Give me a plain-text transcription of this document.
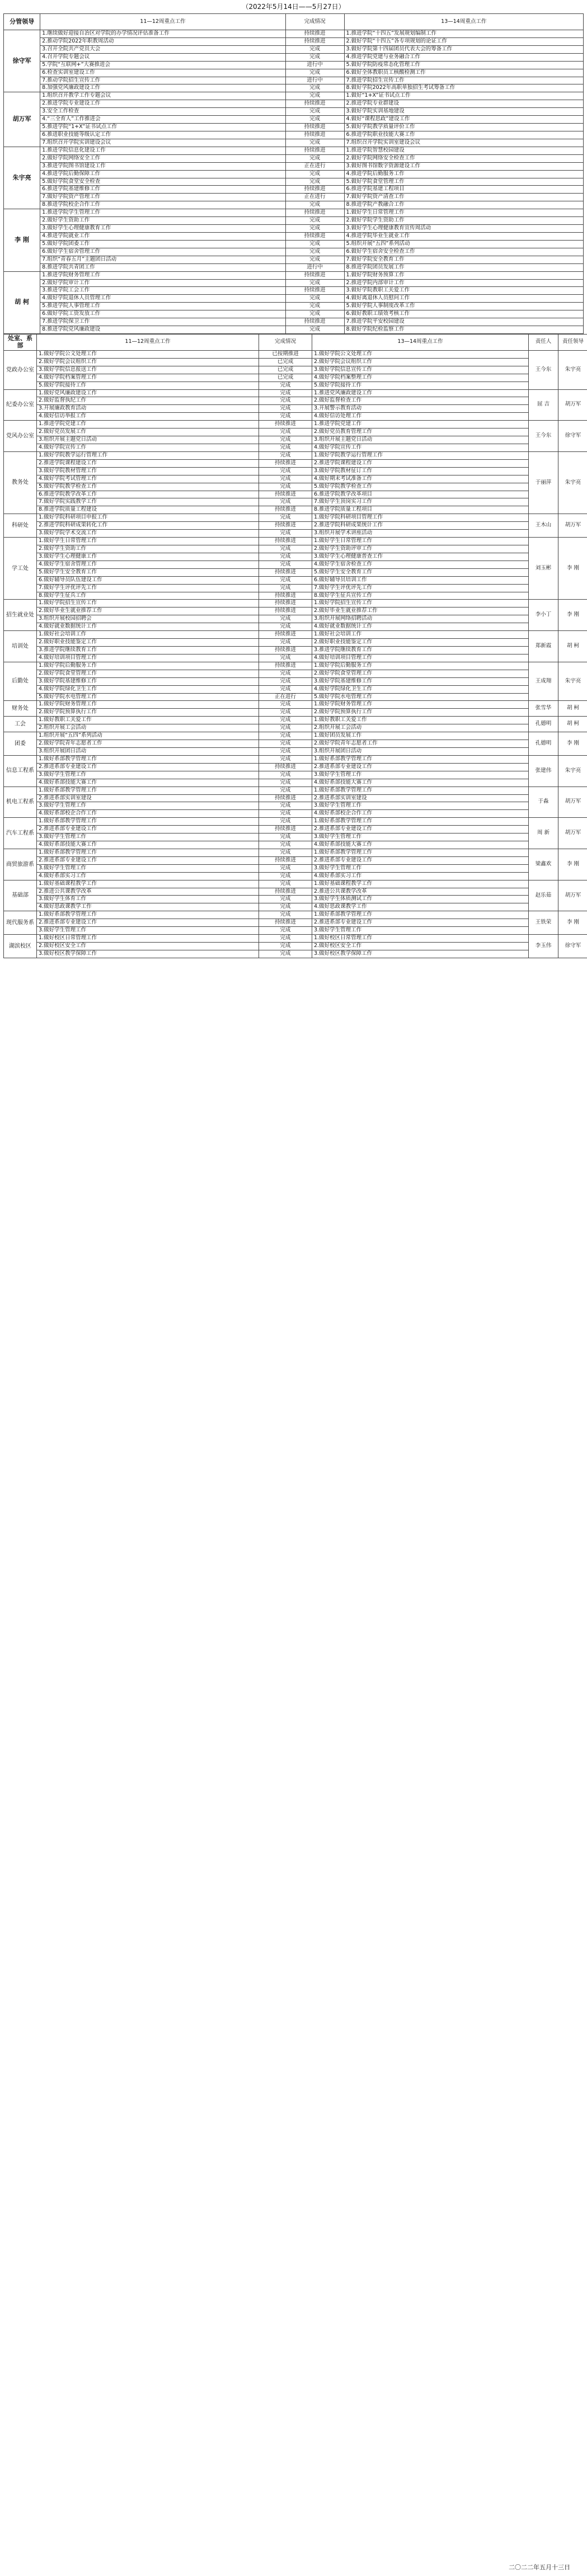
（2022年5月14日——5月27日）
分管领导	11—12周重点工作	完成情况	13—14周重点工作
徐守军	1.继续做好迎接自治区对学院的办学情况评估准备工作	持续推进	1.推进学院“十四五”发展规划编制工作
	2.推动学院2022年职教周活动	持续推进	2.做好学院“十四五”各专项规划的论证工作
	3.召开全院共产党员大会	完成	3.做好学院第十四届团员代表大会的筹备工作
	4.召开学院专题会议	完成	4.推进学院党建与业务融合工作
	5.学院“互联网+”大赛推进会	进行中	5.做好学院防疫常态化管理工作
	6.检查实训室建设工作	完成	6.做好全体教职员工核酸检测工作
	7.推动学院招生宣传工作	进行中	7.推进学院招生宣传工作
	8.加强党风廉政建设工作	完成	8.做好学院2022年高职单独招生考试筹备工作
胡万军	1.组织召开教学工作专题会议	完成	1.做好“1+X”证书试点工作
	2.推进学院专业建设工作	持续推进	2.推进学院专业群建设
	3.安全工作检查	完成	3.做好学院实训基地建设
	4.“三全育人”工作推进会	完成	4.做好“课程思政”建设工作
	5.推进学院“1+X”证书试点工作	持续推进	5.做好学院教学质量评价工作
	6.推进职业技能等级认定工作	持续推进	6.推进学院职业技能大赛工作
	7.组织召开学院实训建设会议	完成	7.组织召开学院实训室建设会议
朱宇亮	1.推进学院信息化建设工作	持续推进	1.推进学院智慧校园建设
	2.做好学院网络安全工作	完成	2.做好学院网络安全检查工作
	3.推进学院图书馆建设工作	正在进行	3.做好图书馆数字资源建设工作
	4.推进学院后勤保障工作	完成	4.推进学院后勤服务工作
	5.做好学院食堂安全检查	完成	5.做好学院食堂管理工作
	6.推进学院基建维修工作	持续推进	6.推进学院基建工程项目
	7.做好学院资产管理工作	正在进行	7.做好学院资产清查工作
	8.推进学院校企合作工作	完成	8.推进学院产教融合工作
李 刚	1.推进学院学生管理工作	持续推进	1.做好学生日常管理工作
	2.做好学生资助工作	完成	2.做好学院学生资助工作
	3.做好学生心理健康教育工作	完成	3.做好学生心理健康教育宣传周活动
	4.推进学院就业工作	持续推进	4.推进学院毕业生就业工作
	5.做好学院团委工作	完成	5.组织开展“五四”系列活动
	6.做好学生宿舍管理工作	完成	6.做好学生宿舍安全检查工作
	7.组织“青春五月”主题团日活动	完成	7.做好学院安全教育工作
	8.推进学院共青团工作	进行中	8.推进学院团员发展工作
胡 柯	1.推进学院财务管理工作	持续推进	1.做好学院财务预算工作
	2.做好学院审计工作	完成	2.推进学院内部审计工作
	3.推进学院工会工作	持续推进	3.做好学院教职工关爱工作
	4.做好学院退休人员管理工作	完成	4.做好离退休人员慰问工作
	5.推进学院人事管理工作	完成	5.做好学院人事制度改革工作
	6.做好学院工资发放工作	完成	6.做好教职工绩效考核工作
	7.推进学院保卫工作	持续推进	7.推进学院平安校园建设
	8.推进学院党风廉政建设	完成	8.做好学院纪检监察工作
处室、系部	11—12周重点工作	完成情况	13—14周重点工作	责任人	责任领导
党政办公室	1.做好学院公文处理工作	已按期推进	1.做好学院公文处理工作	王今东	朱宇亮
	2.做好学院会议组织工作	已完成	2.做好学院会议组织工作		
	3.做好学院信息报送工作	已完成	3.做好学院信息宣传工作		
	4.做好学院档案管理工作	已完成	4.做好学院档案整理工作		
	5.做好学院接待工作	完成	5.做好学院接待工作		
纪委办公室	1.做好党风廉政建设工作	完成	1.推进党风廉政建设工作	屈 吉	胡万军
	2.做好监督执纪工作	完成	2.做好监督检查工作		
	3.开展廉政教育活动	完成	3.开展警示教育活动		
	4.做好信访举报工作	完成	4.做好信访处理工作		
党风办公室	1.推进学院党建工作	持续推进	1.推进学院党建工作	王今东	徐守军
	2.做好党员发展工作	完成	2.做好党员教育管理工作		
	3.组织开展主题党日活动	完成	3.组织开展主题党日活动		
	4.做好学院宣传工作	完成	4.做好学院宣传工作		
教务处	1.做好学院教学运行管理工作	完成	1.做好学院教学运行管理工作	于丽萍	朱宇亮
	2.推进学院课程建设工作	持续推进	2.推进学院课程建设工作		
	3.做好学院教材管理工作	完成	3.做好学院教材征订工作		
	4.做好学院考试管理工作	完成	4.做好期末考试准备工作		
	5.做好学院教学检查工作	完成	5.做好学院教学检查工作		
	6.推进学院教学改革工作	持续推进	6.推进学院教学改革项目		
	7.做好学院实践教学工作	完成	7.做好学生顶岗实习工作		
	8.推进学院质量工程建设	持续推进	8.推进学院质量工程项目		
科研处	1.做好学院科研项目申报工作	完成	1.做好学院科研项目管理工作	王木山	胡万军
	2.推进学院科研成果转化工作	持续推进	2.推进学院科研成果统计工作		
	3.做好学院学术交流工作	完成	3.组织开展学术讲座活动		
学工处	1.做好学生日常管理工作	持续推进	1.做好学生日常管理工作	刘玉彬	李 刚
	2.做好学生资助工作	完成	2.做好学生资助评审工作		
	3.做好学生心理健康工作	完成	3.做好学生心理健康普查工作		
	4.做好学生宿舍管理工作	完成	4.做好学生宿舍检查工作		
	5.做好学生安全教育工作	持续推进	5.做好学生安全教育工作		
	6.做好辅导员队伍建设工作	完成	6.做好辅导员培训工作		
	7.做好学生评优评先工作	完成	7.做好学生评优评先工作		
	8.做好学生征兵工作	持续推进	8.做好学生征兵宣传工作		
招生就业处	1.做好学院招生宣传工作	持续推进	1.做好学院招生宣传工作	李小丁	李 刚
	2.做好毕业生就业推荐工作	持续推进	2.做好毕业生就业推荐工作		
	3.组织开展校园招聘会	完成	3.组织开展网络招聘活动		
	4.做好就业数据统计工作	完成	4.做好就业数据统计工作		
培训处	1.做好社会培训工作	持续推进	1.做好社会培训工作	郑新霞	胡 柯
	2.做好职业技能鉴定工作	完成	2.做好职业技能鉴定工作		
	3.推进学院继续教育工作	持续推进	3.推进学院继续教育工作		
	4.做好培训项目管理工作	完成	4.做好培训项目管理工作		
后勤处	1.做好学院后勤服务工作	持续推进	1.做好学院后勤服务工作	王成翔	朱宇亮
	2.做好学院食堂管理工作	完成	2.做好学院食堂管理工作		
	3.做好学院基建维修工作	完成	3.做好学院基建维修工作		
	4.做好学院绿化卫生工作	完成	4.做好学院绿化卫生工作		
	5.做好学院水电管理工作	正在进行	5.做好学院水电管理工作		
财务处	1.做好学院财务管理工作	完成	1.做好学院财务管理工作	张雪华	胡 柯
	2.做好学院预算执行工作	完成	2.做好学院预算执行工作		
工会	1.做好教职工关爱工作	完成	1.做好教职工关爱工作	孔德明	胡 柯
	2.组织开展工会活动	完成	2.组织开展工会活动		
团委	1.组织开展“五四”系列活动	完成	1.做好团员发展工作	孔德明	李 刚
	2.做好学院青年志愿者工作	完成	2.做好学院青年志愿者工作		
	3.组织开展团日活动	完成	3.组织开展团日活动		
信息工程系	1.做好系部教学管理工作	完成	1.做好系部教学管理工作	张建伟	朱宇亮
	2.推进系部专业建设工作	持续推进	2.推进系部专业建设工作		
	3.做好学生管理工作	完成	3.做好学生管理工作		
	4.做好系部技能大赛工作	完成	4.做好系部技能大赛工作		
机电工程系	1.做好系部教学管理工作	完成	1.做好系部教学管理工作	于淼	胡万军
	2.推进系部实训室建设	持续推进	2.推进系部实训室建设		
	3.做好学生管理工作	完成	3.做好学生管理工作		
	4.做好系部校企合作工作	完成	4.做好系部校企合作工作		
汽车工程系	1.做好系部教学管理工作	完成	1.做好系部教学管理工作	周 新	胡万军
	2.推进系部专业建设工作	持续推进	2.推进系部专业建设工作		
	3.做好学生管理工作	完成	3.做好学生管理工作		
	4.做好系部技能大赛工作	完成	4.做好系部技能大赛工作		
商贸旅游系	1.做好系部教学管理工作	完成	1.做好系部教学管理工作	梁鑫欢	李 刚
	2.推进系部专业建设工作	持续推进	2.推进系部专业建设工作		
	3.做好学生管理工作	完成	3.做好学生管理工作		
	4.做好系部实习工作	完成	4.做好系部实习工作		
基础部	1.做好基础课程教学工作	完成	1.做好基础课程教学工作	赵乐茹	胡万军
	2.推进公共课教学改革	持续推进	2.推进公共课教学改革		
	3.做好学生体育工作	完成	3.做好学生体质测试工作		
	4.做好思政课教学工作	完成	4.做好思政课教学工作		
现代服务系	1.做好系部教学管理工作	完成	1.做好系部教学管理工作	王铁荣	李 刚
	2.推进系部专业建设工作	持续推进	2.推进系部专业建设工作		
	3.做好学生管理工作	完成	3.做好学生管理工作		
湖滨校区	1.做好校区日常管理工作	完成	1.做好校区日常管理工作	李玉伟	徐守军
	2.做好校区安全工作	完成	2.做好校区安全工作		
	3.做好校区教学保障工作	完成	3.做好校区教学保障工作		
二〇二二年五月十三日
